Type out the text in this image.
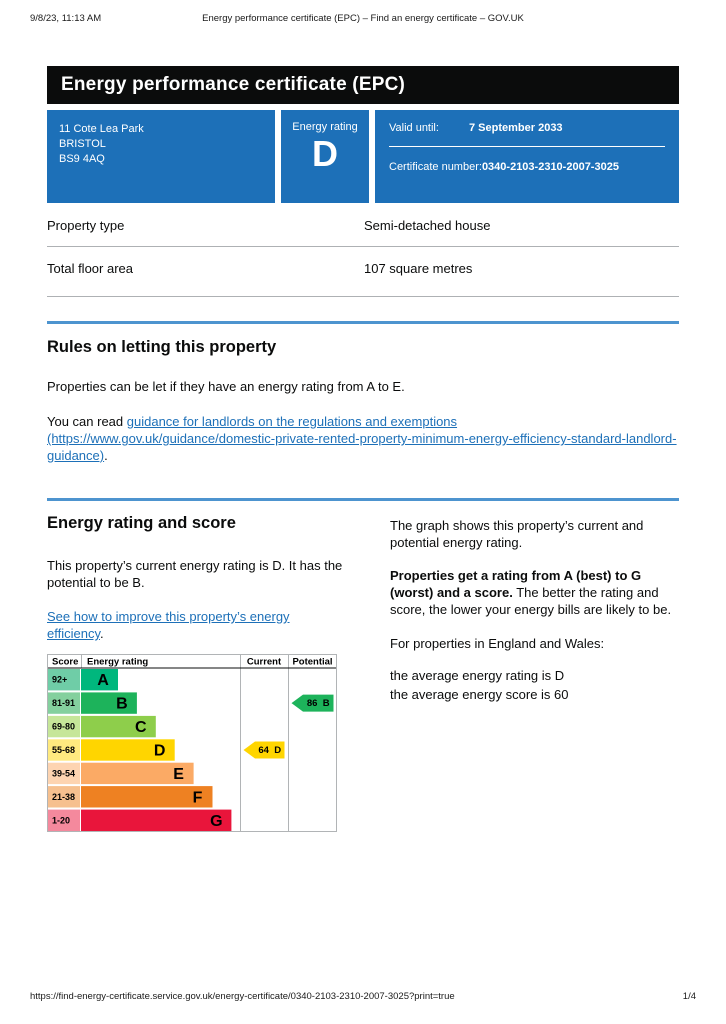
9/8/23, 11:13 AM	Energy performance certificate (EPC) – Find an energy certificate – GOV.UK
Energy performance certificate (EPC)
11 Cote Lea Park
BRISTOL
BS9 4AQ
Energy rating
D
Valid until:	7 September 2033
Certificate number:0340-2103-2310-2007-3025
Property type	Semi-detached house
Total floor area	107 square metres
Rules on letting this property

Properties can be let if they have an energy rating from A to E.

You can read guidance for landlords on the regulations and exemptions (https://www.gov.uk/guidance/domestic-private-rented-property-minimum-energy-efficiency-standard-landlord-guidance).

Energy rating and score

This property’s current energy rating is D. It has the potential to be B.

See how to improve this property’s energy efficiency.

92+ A
81-91	B
69-80	C
55-68	D
39-54	E
21-38	F
1-20	G
Score Energy rating	Current Potential
64  D
86  B

The graph shows this property’s current and potential energy rating.

Properties get a rating from A (best) to G (worst) and a score. The better the rating and score, the lower your energy bills are likely to be.

For properties in England and Wales:

the average energy rating is D
the average energy score is 60

https://find-energy-certificate.service.gov.uk/energy-certificate/0340-2103-2310-2007-3025?print=true	1/4
